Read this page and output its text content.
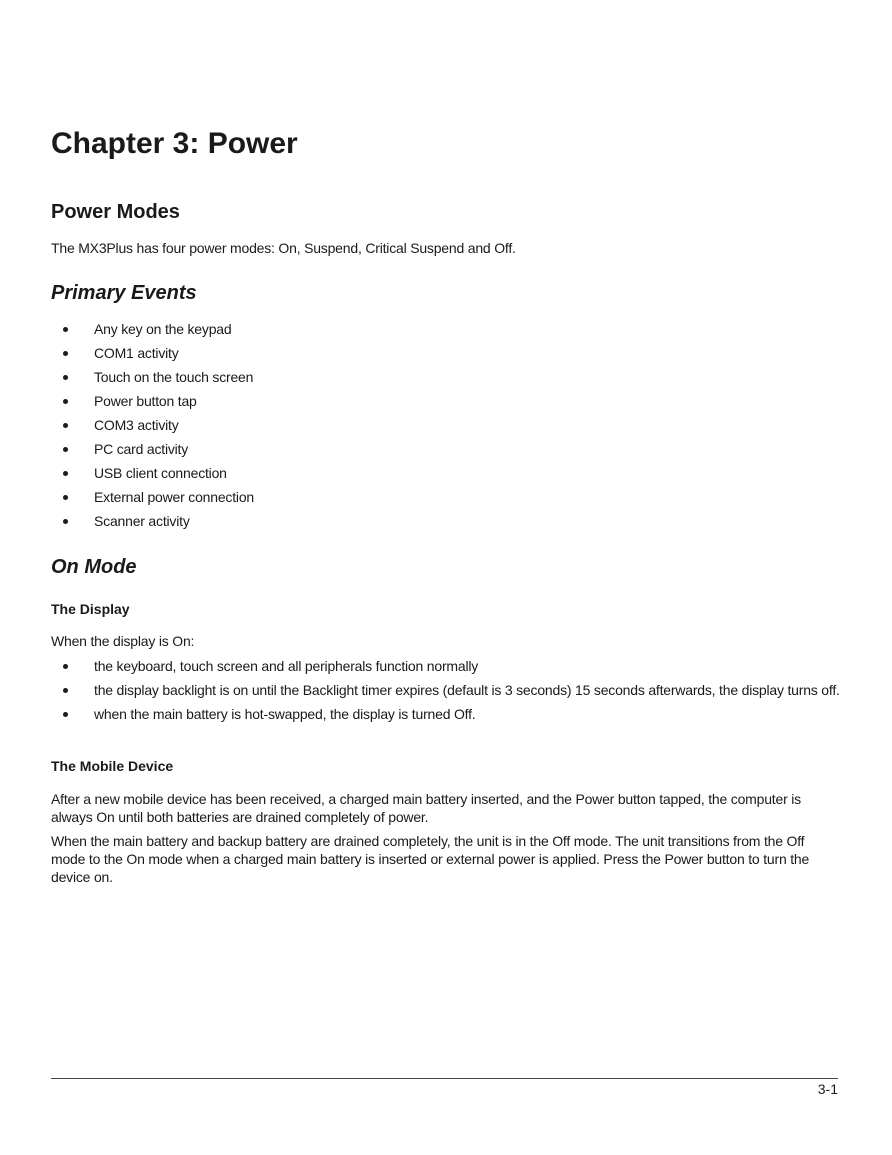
Chapter 3: Power
Power Modes

The MX3Plus has four power modes: On, Suspend, Critical Suspend and Off.

Primary Events
Any key on the keypad
COM1 activity
Touch on the touch screen
Power button tap
COM3 activity
PC card activity
USB client connection
External power connection
Scanner activity
On Mode
The Display

When the display is On:

the keyboard, touch screen and all peripherals function normally
the display backlight is on until the Backlight timer expires (default is 3 seconds) 15 seconds afterwards, the display turns off.
when the main battery is hot-swapped, the display is turned Off.
The Mobile Device

After a new mobile device has been received, a charged main battery inserted, and the Power button tapped, the computer is always On until both batteries are drained completely of power.

When the main battery and backup battery are drained completely, the unit is in the Off mode. The unit transitions from the Off mode to the On mode when a charged main battery is inserted or external power is applied. Press the Power button to turn the device on.

3-1
